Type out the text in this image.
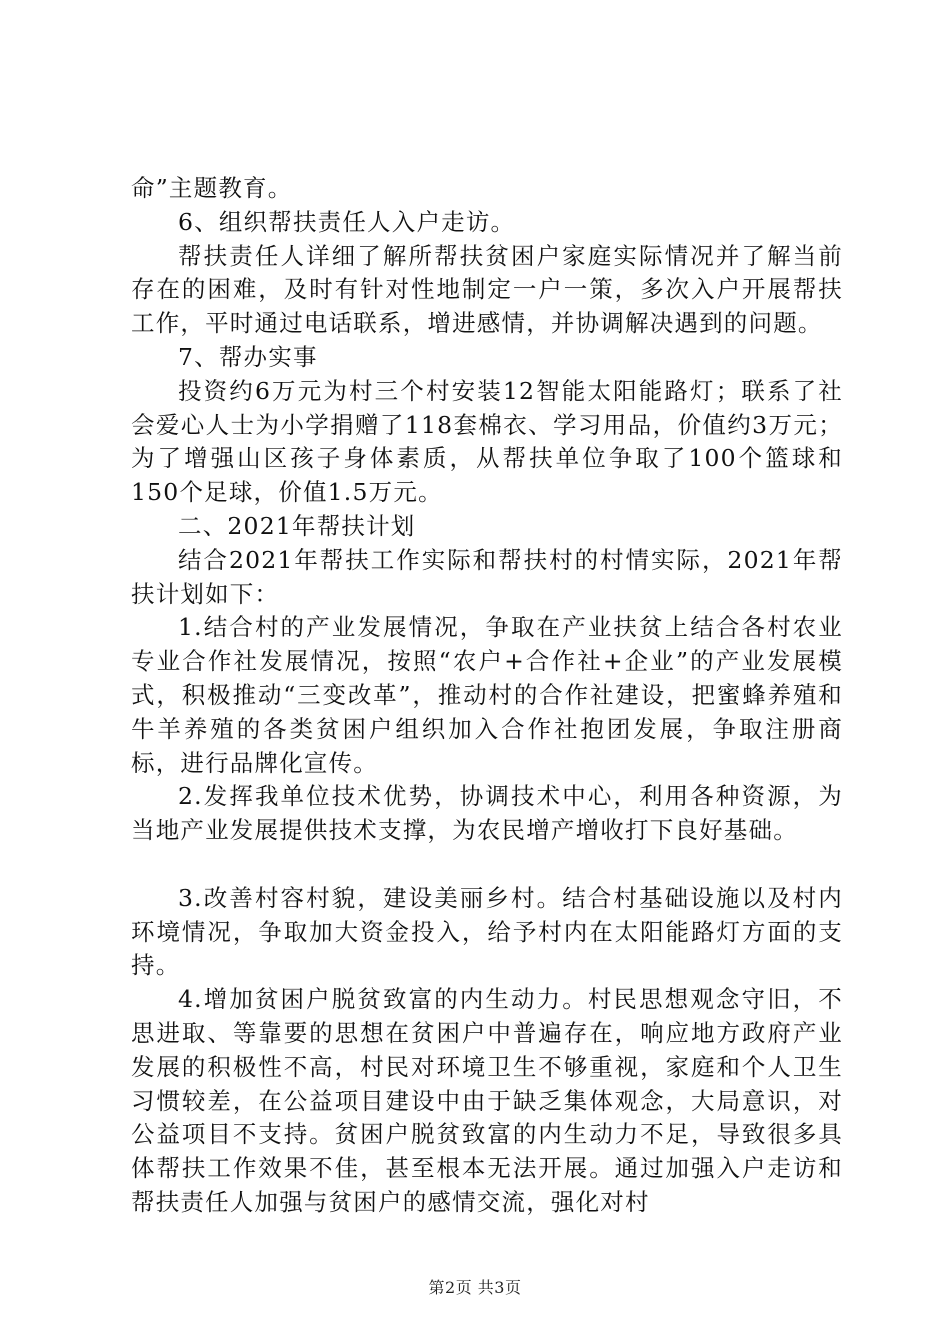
命”主题教育。

6、组织帮扶责任人入户走访。

帮扶责任人详细了解所帮扶贫困户家庭实际情况并了解当前存在的困难，及时有针对性地制定一户一策，多次入户开展帮扶工作，平时通过电话联系，增进感情，并协调解决遇到的问题。

7、帮办实事

投资约6万元为村三个村安装12智能太阳能路灯；联系了社会爱心人士为小学捐赠了118套棉衣、学习用品，价值约3万元；为了增强山区孩子身体素质，从帮扶单位争取了100个篮球和150个足球，价值1.5万元。

二、2021年帮扶计划

结合2021年帮扶工作实际和帮扶村的村情实际，2021年帮扶计划如下：

1.结合村的产业发展情况，争取在产业扶贫上结合各村农业专业合作社发展情况，按照“农户+合作社+企业”的产业发展模式，积极推动“三变改革”，推动村的合作社建设，把蜜蜂养殖和牛羊养殖的各类贫困户组织加入合作社抱团发展，争取注册商标，进行品牌化宣传。

2.发挥我单位技术优势，协调技术中心，利用各种资源，为当地产业发展提供技术支撑，为农民增产增收打下良好基础。

3.改善村容村貌，建设美丽乡村。结合村基础设施以及村内环境情况，争取加大资金投入，给予村内在太阳能路灯方面的支持。

4.增加贫困户脱贫致富的内生动力。村民思想观念守旧，不思进取、等靠要的思想在贫困户中普遍存在，响应地方政府产业发展的积极性不高，村民对环境卫生不够重视，家庭和个人卫生习惯较差，在公益项目建设中由于缺乏集体观念，大局意识，对公益项目不支持。贫困户脱贫致富的内生动力不足，导致很多具体帮扶工作效果不佳，甚至根本无法开展。通过加强入户走访和帮扶责任人加强与贫困户的感情交流，强化对村

第2页 共3页
